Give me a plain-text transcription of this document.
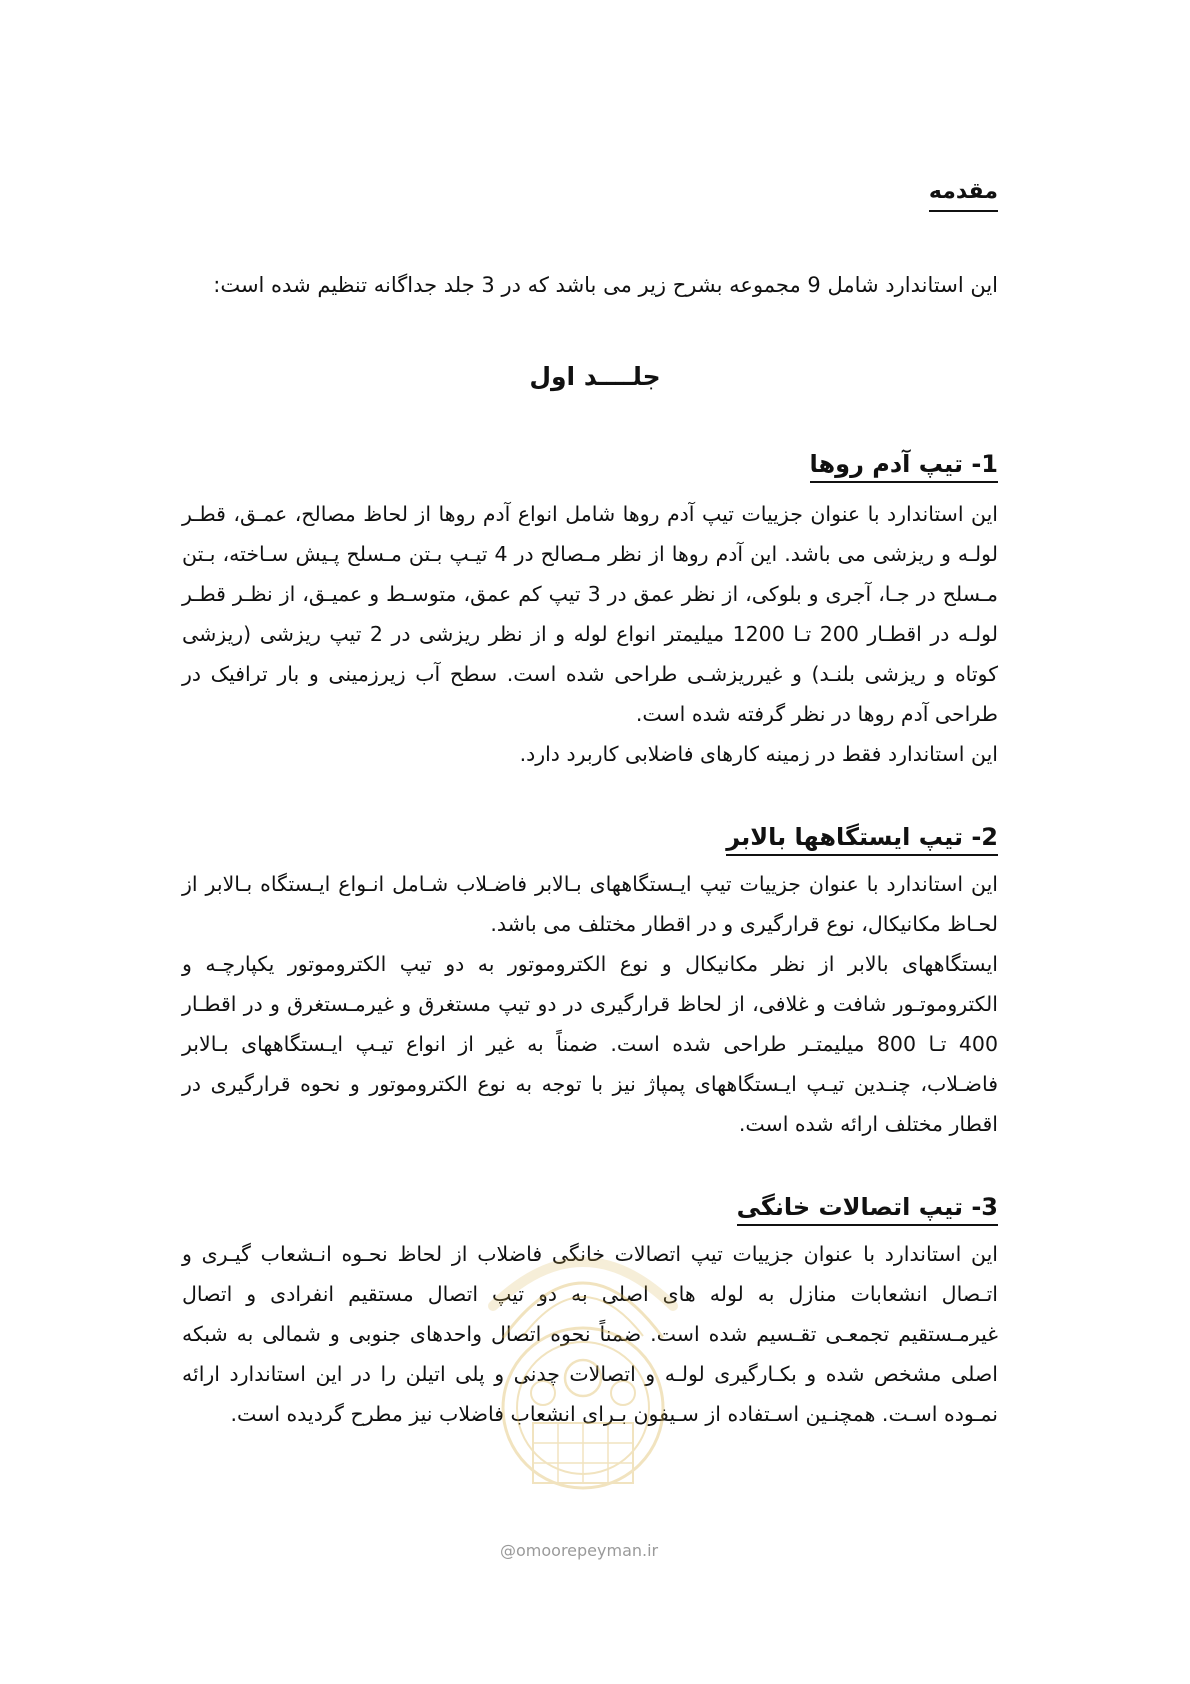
مقدمه
این استاندارد شامل 9 مجموعه بشرح زیر می باشد که در 3 جلد جداگانه تنظیم شده است:
جلــــد اول
1- تیپ آدم روها

این استاندارد با عنوان جزییات تیپ آدم روها شامل انواع آدم روها از لحاظ مصالح، عمـق، قطـر لولـه و ریزشی می باشد. این آدم روها از نظر مـصالح در 4 تیـپ بـتن مـسلح پـیش سـاخته، بـتن مـسلح در جـا، آجری و بلوکی، از نظر عمق در 3 تیپ کم عمق، متوسـط و عمیـق، از نظـر قطـر لولـه در اقطـار 200 تـا 1200 میلیمتر انواع لوله و از نظر ریزشی در 2 تیپ ریزشی (ریزشی کوتاه و ریزشی بلنـد) و غیرریزشـی طراحی شده است. سطح آب زیرزمینی و بار ترافیک در طراحی آدم روها در نظر گرفته شده است.

این استاندارد فقط در زمینه کارهای فاضلابی کاربرد دارد.

2- تیپ ایستگاهها بالابر

این استاندارد با عنوان جزییات تیپ ایـستگاههای بـالابر فاضـلاب شـامل انـواع ایـستگاه بـالابر از لحـاظ مکانیکال، نوع قرارگیری و در اقطار مختلف می باشد.

ایستگاههای بالابر از نظر مکانیکال و نوع الکتروموتور به دو تیپ الکتروموتور یکپارچـه و الکترومو‌تـور شافت و غلافی، از لحاظ قرارگیری در دو تیپ مستغرق و غیرمـستغرق و در اقطـار 400 تـا 800 میلیمتـر طراحی شده است. ضمناً به غیر از انواع تیـپ ایـستگاههای بـالابر فاضـلاب، چنـدین تیـپ ایـستگاههای پمپاژ نیز با توجه به نوع الکتروموتور و نحوه قرارگیری در اقطار مختلف ارائه شده است.

3- تیپ اتصالات خانگی

این استاندارد با عنوان جزییات تیپ اتصالات خانگی فاضلاب از لحاظ نحـوه انـشعاب گیـری و اتـصال انشعابات منازل به لوله های اصلی به دو تیپ اتصال مستقیم انفرادی و اتصال غیرمـستقیم تجمعـی تقـسیم شده است. ضمناً نحوه اتصال واحدهای جنوبی و شمالی به شبکه اصلی مشخص شده و بکـارگیری لولـه و اتصالات چدنی و پلی اتیلن را در این استاندارد ارائه نمـوده اسـت. همچنـین اسـتفاده از سـیفون بـرای انشعاب فاضلاب نیز مطرح گردیده است.

@omoorepeyman.ir
